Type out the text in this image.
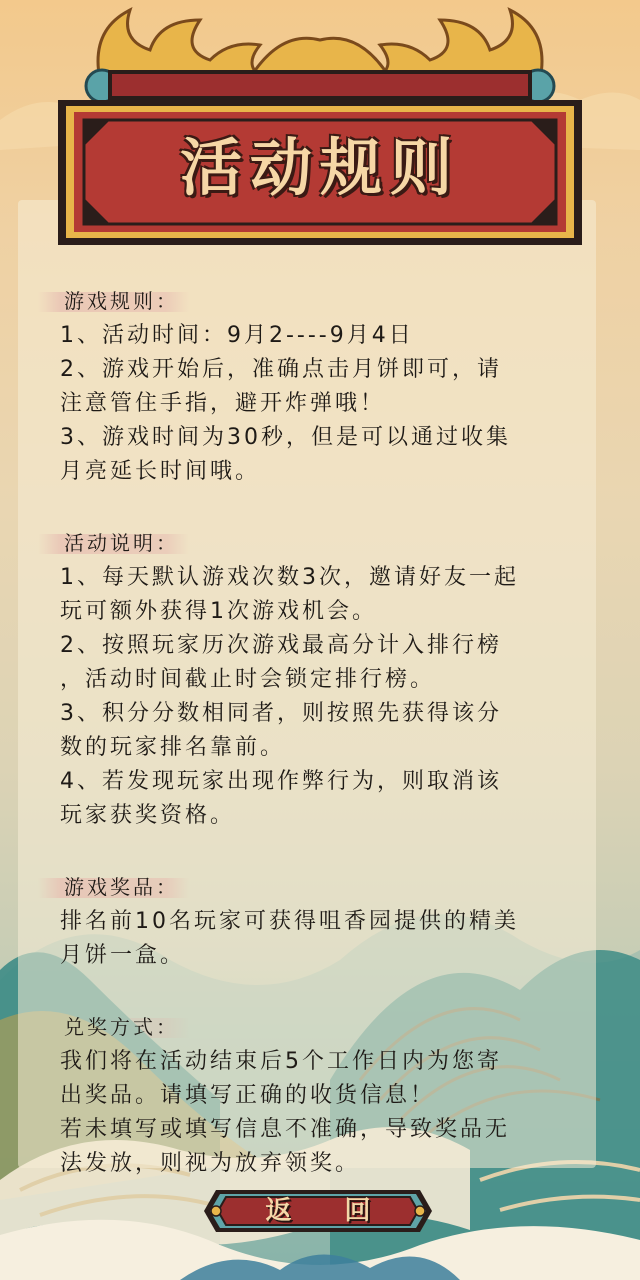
活动规则
游戏规则：
1、活动时间：9月2----9月4日
2、游戏开始后，准确点击月饼即可，请
注意管住手指，避开炸弹哦！
3、游戏时间为30秒，但是可以通过收集
月亮延长时间哦。
活动说明：
1、每天默认游戏次数3次，邀请好友一起
玩可额外获得1次游戏机会。
2、按照玩家历次游戏最高分计入排行榜
，活动时间截止时会锁定排行榜。
3、积分分数相同者，则按照先获得该分
数的玩家排名靠前。
4、若发现玩家出现作弊行为，则取消该
玩家获奖资格。
游戏奖品：
排名前10名玩家可获得咀香园提供的精美
月饼一盒。
兑奖方式：
我们将在活动结束后5个工作日内为您寄
出奖品。请填写正确的收货信息！
若未填写或填写信息不准确，导致奖品无
法发放，则视为放弃领奖。
返 回
